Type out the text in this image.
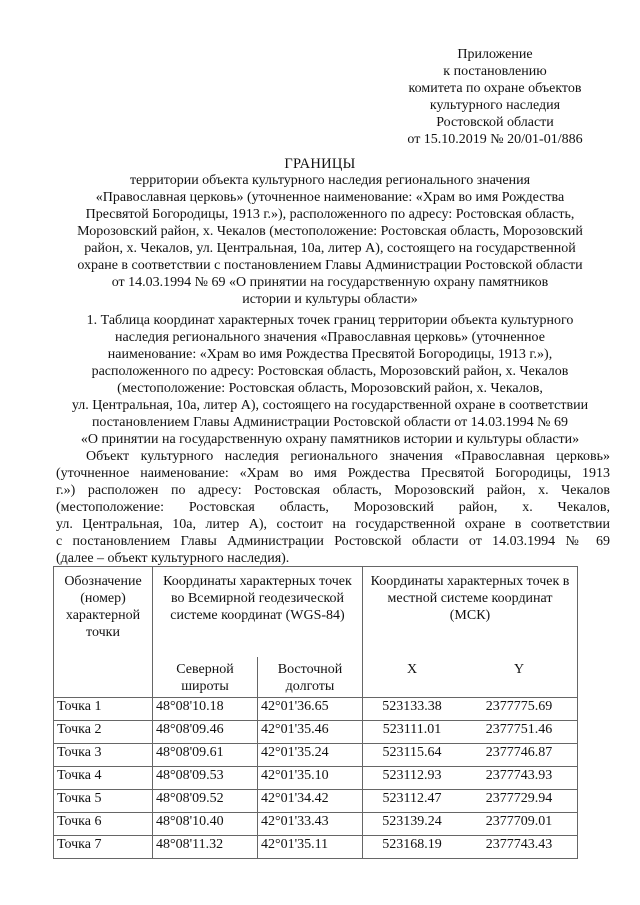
Приложение
к постановлению
комитета по охране объектов
культурного наследия
Ростовской области
от 15.10.2019 № 20/01-01/886
ГРАНИЦЫ
территории объекта культурного наследия регионального значения
«Православная церковь» (уточненное наименование: «Храм во имя Рождества
Пресвятой Богородицы, 1913 г.»), расположенного по адресу: Ростовская область,
Морозовский район, х. Чекалов (местоположение: Ростовская область, Морозовский
район, х. Чекалов, ул. Центральная, 10а, литер А), состоящего на государственной
охране в соответствии с постановлением Главы Администрации Ростовской области
от 14.03.1994 № 69 «О принятии на государственную охрану памятников
истории и культуры области»
1. Таблица координат характерных точек границ территории объекта культурного
наследия регионального значения «Православная церковь» (уточненное
наименование: «Храм во имя Рождества Пресвятой Богородицы, 1913 г.»),
расположенного по адресу: Ростовская область, Морозовский район, х. Чекалов
(местоположение: Ростовская область, Морозовский район, х. Чекалов,
ул. Центральная, 10а, литер А), состоящего на государственной охране в соответствии
постановлением Главы Администрации Ростовской области от 14.03.1994 № 69
«О принятии на государственную охрану памятников истории и культуры области»
Объект культурного наследия регионального значения «Православная церковь»
(уточненное наименование: «Храм во имя Рождества Пресвятой Богородицы, 1913
г.») расположен по адресу: Ростовская область, Морозовский район, х. Чекалов
(местоположение: Ростовская область, Морозовский район, х. Чекалов,
ул. Центральная, 10а, литер А), состоит на государственной охране в соответствии
с постановлением Главы Администрации Ростовской области от 14.03.1994 № 69
(далее – объект культурного наследия).
Обозначение (номер) характерной точки	Координаты характерных точек во Всемирной геодезической системе координат (WGS-84)		Координаты характерных точек в местной системе координат (МСК)	
	Северной широты	Восточной долготы	X	Y
Точка 1	48°08'10.18	42°01'36.65	523133.38	2377775.69
Точка 2	48°08'09.46	42°01'35.46	523111.01	2377751.46
Точка 3	48°08'09.61	42°01'35.24	523115.64	2377746.87
Точка 4	48°08'09.53	42°01'35.10	523112.93	2377743.93
Точка 5	48°08'09.52	42°01'34.42	523112.47	2377729.94
Точка 6	48°08'10.40	42°01'33.43	523139.24	2377709.01
Точка 7	48°08'11.32	42°01'35.11	523168.19	2377743.43
